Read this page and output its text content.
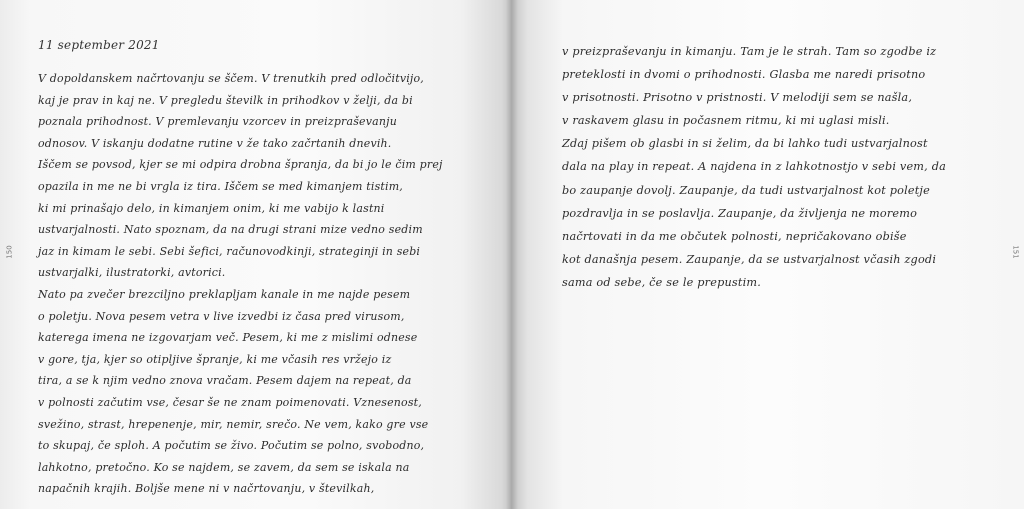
11 september 2021
V dopoldanskem načrtovanju se ščem. V trenutkih pred odločitvijo,
kaj je prav in kaj ne. V pregledu številk in prihodkov v želji, da bi
poznala prihodnost. V premlevanju vzorcev in preizpraševanju
odnosov. V iskanju dodatne rutine v že tako začrtanih dnevih.
Iščem se povsod, kjer se mi odpira drobna špranja, da bi jo le čim prej
opazila in me ne bi vrgla iz tira. Iščem se med kimanjem tistim,
ki mi prinašajo delo, in kimanjem onim, ki me vabijo k lastni
ustvarjalnosti. Nato spoznam, da na drugi strani mize vedno sedim
jaz in kimam le sebi. Sebi šefici, računovodkinji, strateginji in sebi
ustvarjalki, ilustratorki, avtorici.
Nato pa zvečer brezciljno preklapljam kanale in me najde pesem
o poletju. Nova pesem vetra v live izvedbi iz časa pred virusom,
katerega imena ne izgovarjam več. Pesem, ki me z mislimi odnese
v gore, tja, kjer so otipljive špranje, ki me včasih res vržejo iz
tira, a se k njim vedno znova vračam. Pesem dajem na repeat, da
v polnosti začutim vse, česar še ne znam poimenovati. Vznesenost,
svežino, strast, hrepenenje, mir, nemir, srečo. Ne vem, kako gre vse
to skupaj, če sploh. A počutim se živo. Počutim se polno, svobodno,
lahkotno, pretočno. Ko se najdem, se zavem, da sem se iskala na
napačnih krajih. Boljše mene ni v načrtovanju, v številkah,
150
v preizpraševanju in kimanju. Tam je le strah. Tam so zgodbe iz
preteklosti in dvomi o prihodnosti. Glasba me naredi prisotno
v prisotnosti. Prisotno v pristnosti. V melodiji sem se našla,
v raskavem glasu in počasnem ritmu, ki mi uglasi misli.
Zdaj pišem ob glasbi in si želim, da bi lahko tudi ustvarjalnost
dala na play in repeat. A najdena in z lahkotnostjo v sebi vem, da
bo zaupanje dovolj. Zaupanje, da tudi ustvarjalnost kot poletje
pozdravlja in se poslavlja. Zaupanje, da življenja ne moremo
načrtovati in da me občutek polnosti, nepričakovano obiše
kot današnja pesem. Zaupanje, da se ustvarjalnost včasih zgodi
sama od sebe, če se le prepustim.
151
